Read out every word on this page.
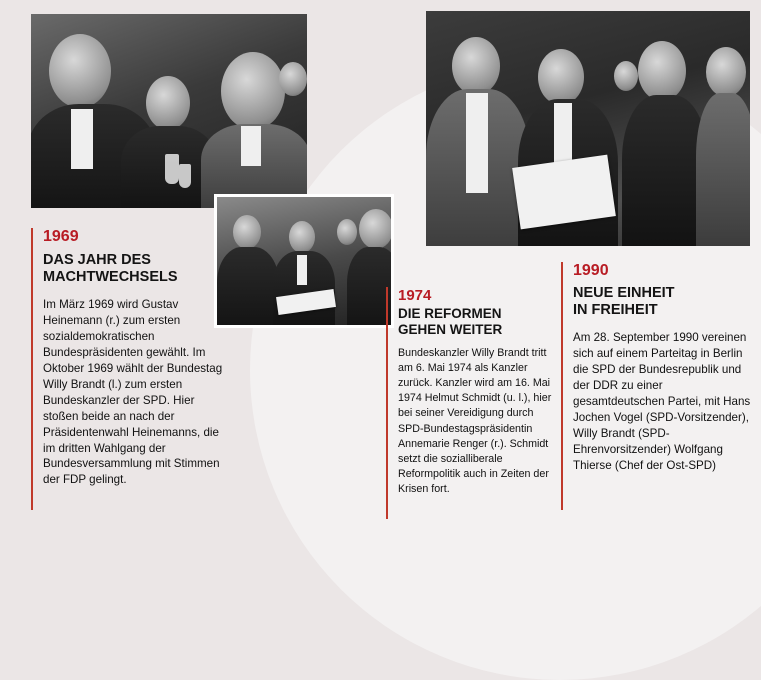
1969
DAS JAHR DES
MACHTWECHSELS
Im März 1969 wird Gustav Heinemann (r.) zum ersten sozialdemokratischen Bundespräsidenten gewählt. Im Oktober 1969 wählt der Bundestag Willy Brandt (l.) zum ersten Bundeskanzler der SPD. Hier stoßen beide an nach der Präsidentenwahl Heinemanns, die im dritten Wahlgang der Bundesversammlung mit Stimmen der FDP gelingt.
1974
DIE REFORMEN
GEHEN WEITER
Bundeskanzler Willy Brandt tritt am 6. Mai 1974 als Kanzler zurück. Kanzler wird am 16. Mai 1974 Helmut Schmidt (u. l.), hier bei seiner Vereidigung durch SPD-Bundestagspräsidentin Annemarie Renger (r.). Schmidt setzt die sozialliberale Reformpolitik auch in Zeiten der Krisen fort.
1990
NEUE EINHEIT
IN FREIHEIT
Am 28. September 1990 vereinen sich auf einem Parteitag in Berlin die SPD der Bundesrepublik und der DDR zu einer gesamtdeutschen Partei, mit Hans Jochen Vogel (SPD-Vorsitzender), Willy Brandt (SPD-Ehrenvorsitzender) Wolfgang Thierse (Chef der Ost-SPD)
